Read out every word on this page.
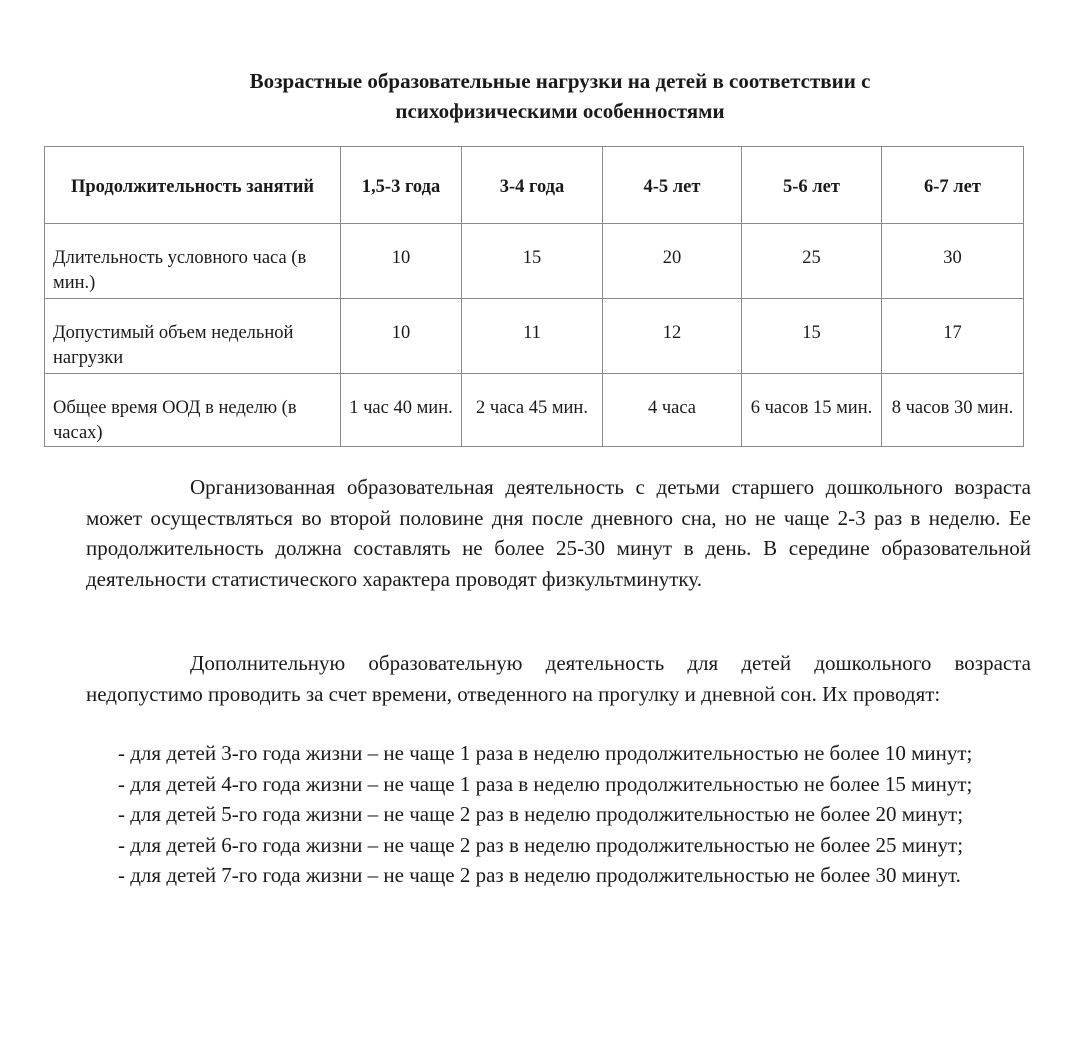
Возрастные образовательные нагрузки на детей в соответствии с
психофизическими особенностями
Продолжительность занятий	1,5-3 года	3-4 года	4-5 лет	5-6 лет	6-7 лет
Длительность условного часа (в мин.)	10	15	20	25	30
Допустимый объем недельной нагрузки	10	11	12	15	17
Общее время ООД в неделю (в часах)	1 час 40 мин.	2 часа 45 мин.	4 часа	6 часов 15 мин.	8 часов 30 мин.

Организованная образовательная деятельность с детьми старшего дошкольного возраста может осуществляться во второй половине дня после дневного сна, но не чаще 2-3 раз в неделю. Ее продолжительность должна составлять не более 25-30 минут в день. В середине образовательной деятельности статистического характера проводят физкультминутку.

Дополнительную образовательную деятельность для детей дошкольного возраста недопустимо проводить за счет времени, отведенного на прогулку и дневной сон. Их проводят:

- для детей 3-го года жизни – не чаще 1 раза в неделю продолжительностью не более 10 минут;
- для детей 4-го года жизни – не чаще 1 раза в неделю продолжительностью не более 15 минут;
- для детей 5-го года жизни – не чаще 2 раз в неделю продолжительностью не более 20 минут;
- для детей 6-го года жизни – не чаще 2 раз в неделю продолжительностью не более 25 минут;
- для детей 7-го года жизни – не чаще 2 раз в неделю продолжительностью не более 30 минут.
